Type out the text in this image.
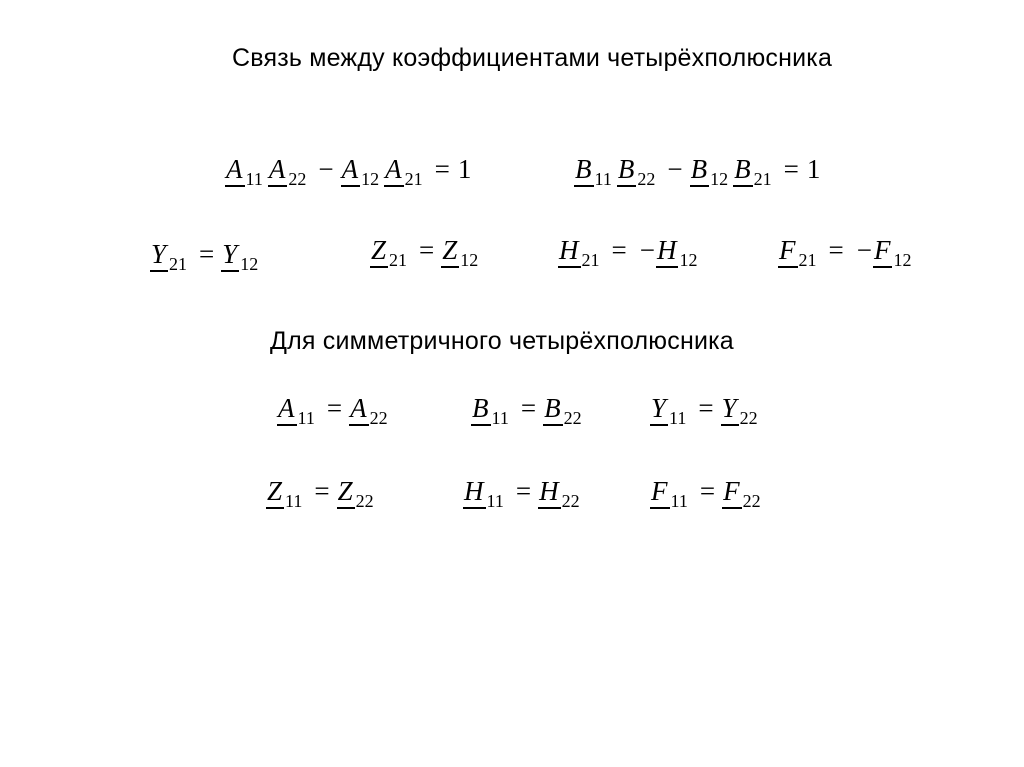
Связь между коэффициентами четырёхполюсника
A $_{11}$ A $_{22}$ − A $_{12}$ A $_{21}$ = 1	B $_{11}$ B $_{22}$ − B $_{12}$ B $_{21}$ = 1
Y $_{21}$ = Y $_{12}$	Z $_{21}$ = Z $_{12}$	H $_{21}$ = −H $_{12}$	F $_{21}$ = −F $_{12}$
Для симметричного четырёхполюсника
A $_{11}$ = A $_{22}$	B $_{11}$ = B $_{22}$	Y $_{11}$ = Y $_{22}$
Z $_{11}$ = Z $_{22}$	H $_{11}$ = H $_{22}$	F $_{11}$ = F $_{22}$
